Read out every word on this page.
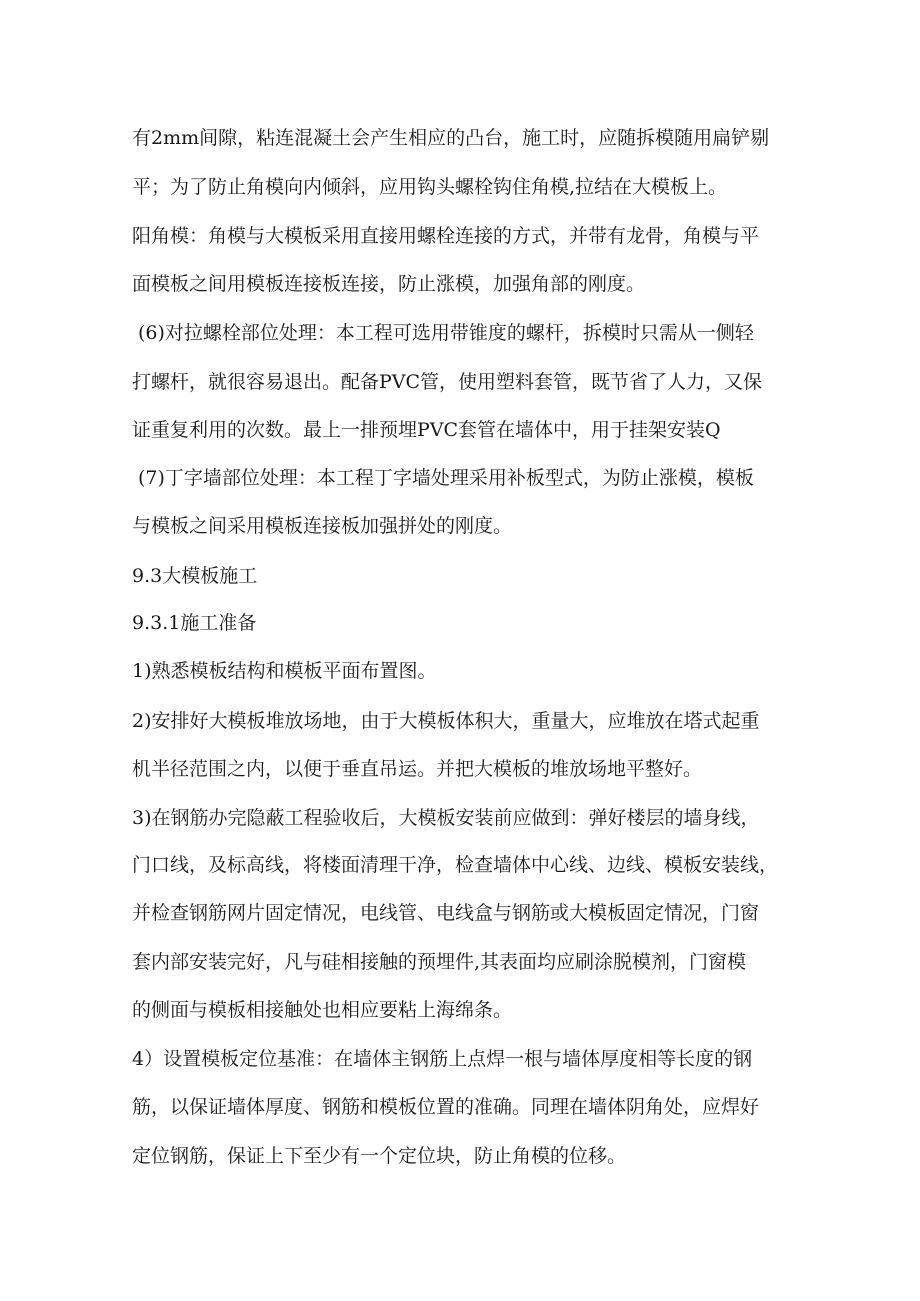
有2mm间隙，粘连混凝土会产生相应的凸台，施工时，应随拆模随用扁铲剔
平；为了防止角模向内倾斜，应用钩头螺栓钩住角模,拉结在大模板上。
阳角模：角模与大模板采用直接用螺栓连接的方式，并带有龙骨，角模与平
面模板之间用模板连接板连接，防止涨模，加强角部的刚度。
(6)对拉螺栓部位处理：本工程可选用带锥度的螺杆，拆模时只需从一侧轻
打螺杆，就很容易退出。配备PVC管，使用塑料套管，既节省了人力，又保
证重复利用的次数。最上一排预埋PVC套管在墙体中，用于挂架安装Q
(7)丁字墙部位处理：本工程丁字墙处理采用补板型式，为防止涨模，模板
与模板之间采用模板连接板加强拼处的刚度。
9.3大模板施工
9.3.1施工准备
1)熟悉模板结构和模板平面布置图。
2)安排好大模板堆放场地，由于大模板体积大，重量大，应堆放在塔式起重
机半径范围之内，以便于垂直吊运。并把大模板的堆放场地平整好。
3)在钢筋办完隐蔽工程验收后，大模板安装前应做到：弹好楼层的墙身线，
门口线，及标高线，将楼面清理干净，检查墙体中心线、边线、模板安装线，
并检查钢筋网片固定情况，电线管、电线盒与钢筋或大模板固定情况，门窗
套内部安装完好，凡与硅相接触的预埋件,其表面均应刷涂脱模剂，门窗模
的侧面与模板相接触处也相应要粘上海绵条。
4）设置模板定位基准：在墙体主钢筋上点焊一根与墙体厚度相等长度的钢
筋，以保证墙体厚度、钢筋和模板位置的准确。同理在墙体阴角处，应焊好
定位钢筋，保证上下至少有一个定位块，防止角模的位移。
